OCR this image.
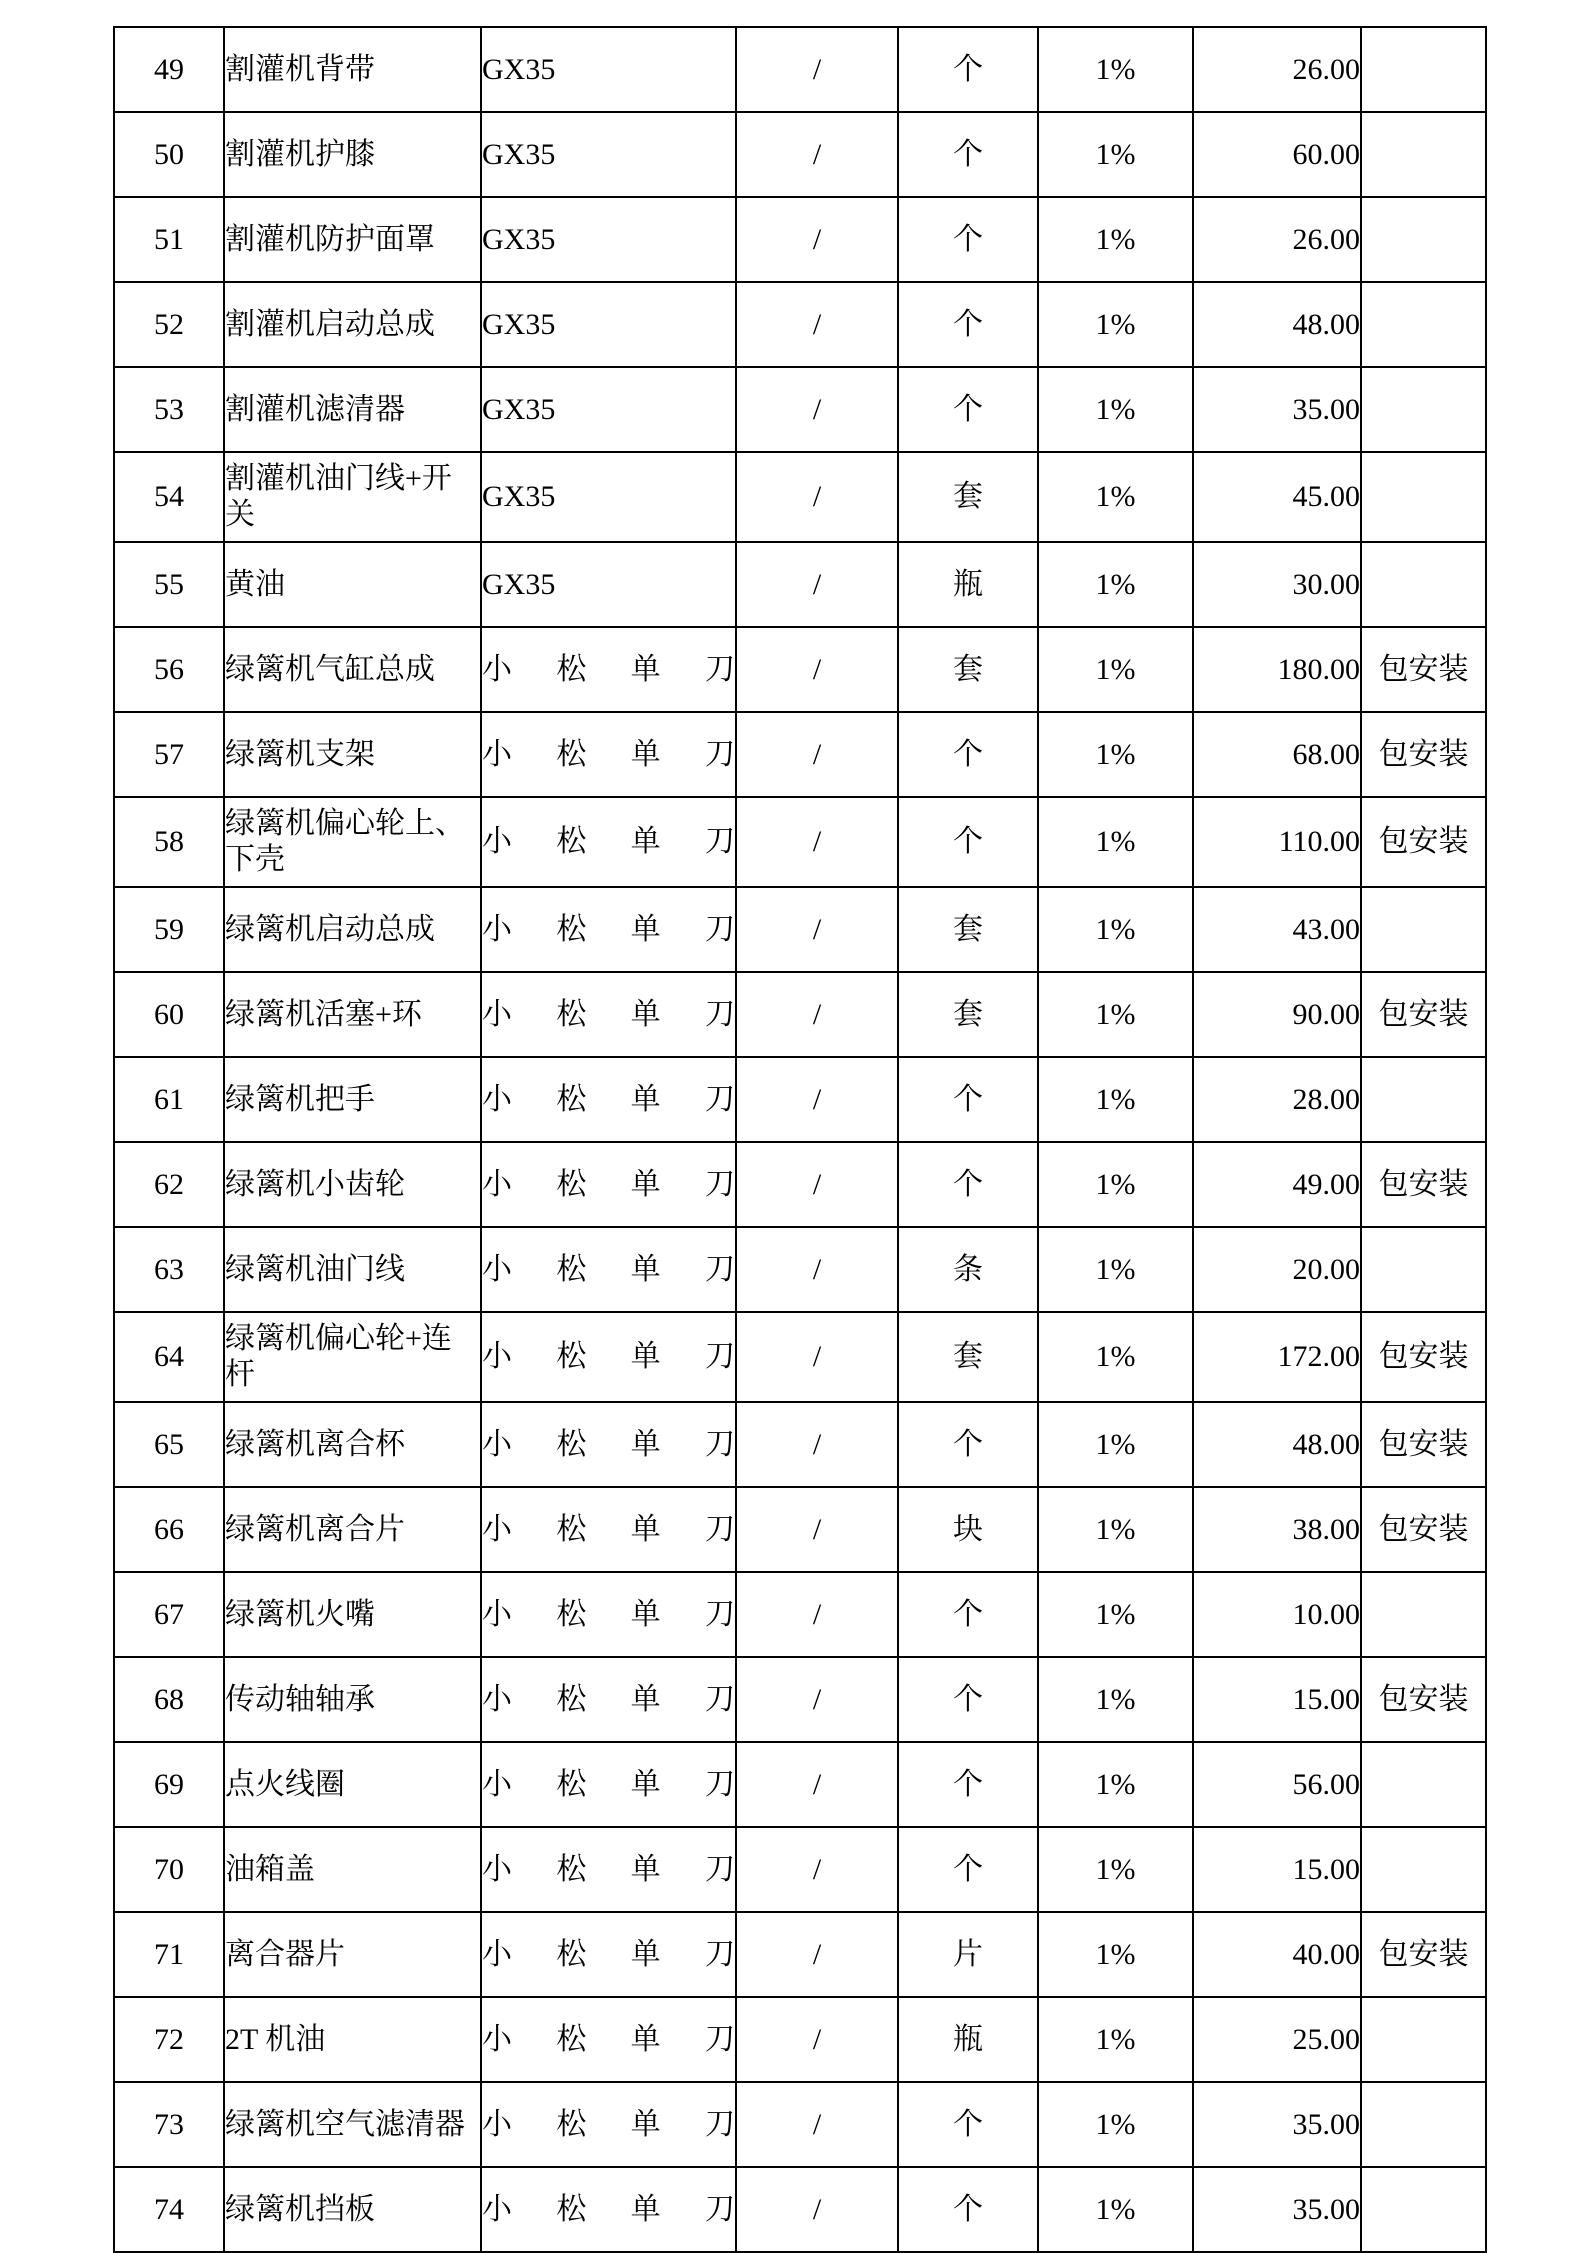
49	割灌机背带	GX35	/	个	1%	26.00	
50	割灌机护膝	GX35	/	个	1%	60.00	
51	割灌机防护面罩	GX35	/	个	1%	26.00	
52	割灌机启动总成	GX35	/	个	1%	48.00	
53	割灌机滤清器	GX35	/	个	1%	35.00	
54	割灌机油门线+开关	GX35	/	套	1%	45.00	
55	黄油	GX35	/	瓶	1%	30.00	
56	绿篱机气缸总成	小松单刀	/	套	1%	180.00	包安装
57	绿篱机支架	小松单刀	/	个	1%	68.00	包安装
58	绿篱机偏心轮上、下壳	小松单刀	/	个	1%	110.00	包安装
59	绿篱机启动总成	小松单刀	/	套	1%	43.00	
60	绿篱机活塞+环	小松单刀	/	套	1%	90.00	包安装
61	绿篱机把手	小松单刀	/	个	1%	28.00	
62	绿篱机小齿轮	小松单刀	/	个	1%	49.00	包安装
63	绿篱机油门线	小松单刀	/	条	1%	20.00	
64	绿篱机偏心轮+连杆	小松单刀	/	套	1%	172.00	包安装
65	绿篱机离合杯	小松单刀	/	个	1%	48.00	包安装
66	绿篱机离合片	小松单刀	/	块	1%	38.00	包安装
67	绿篱机火嘴	小松单刀	/	个	1%	10.00	
68	传动轴轴承	小松单刀	/	个	1%	15.00	包安装
69	点火线圈	小松单刀	/	个	1%	56.00	
70	油箱盖	小松单刀	/	个	1%	15.00	
71	离合器片	小松单刀	/	片	1%	40.00	包安装
72	2T 机油	小松单刀	/	瓶	1%	25.00	
73	绿篱机空气滤清器	小松单刀	/	个	1%	35.00	
74	绿篱机挡板	小松单刀	/	个	1%	35.00	
